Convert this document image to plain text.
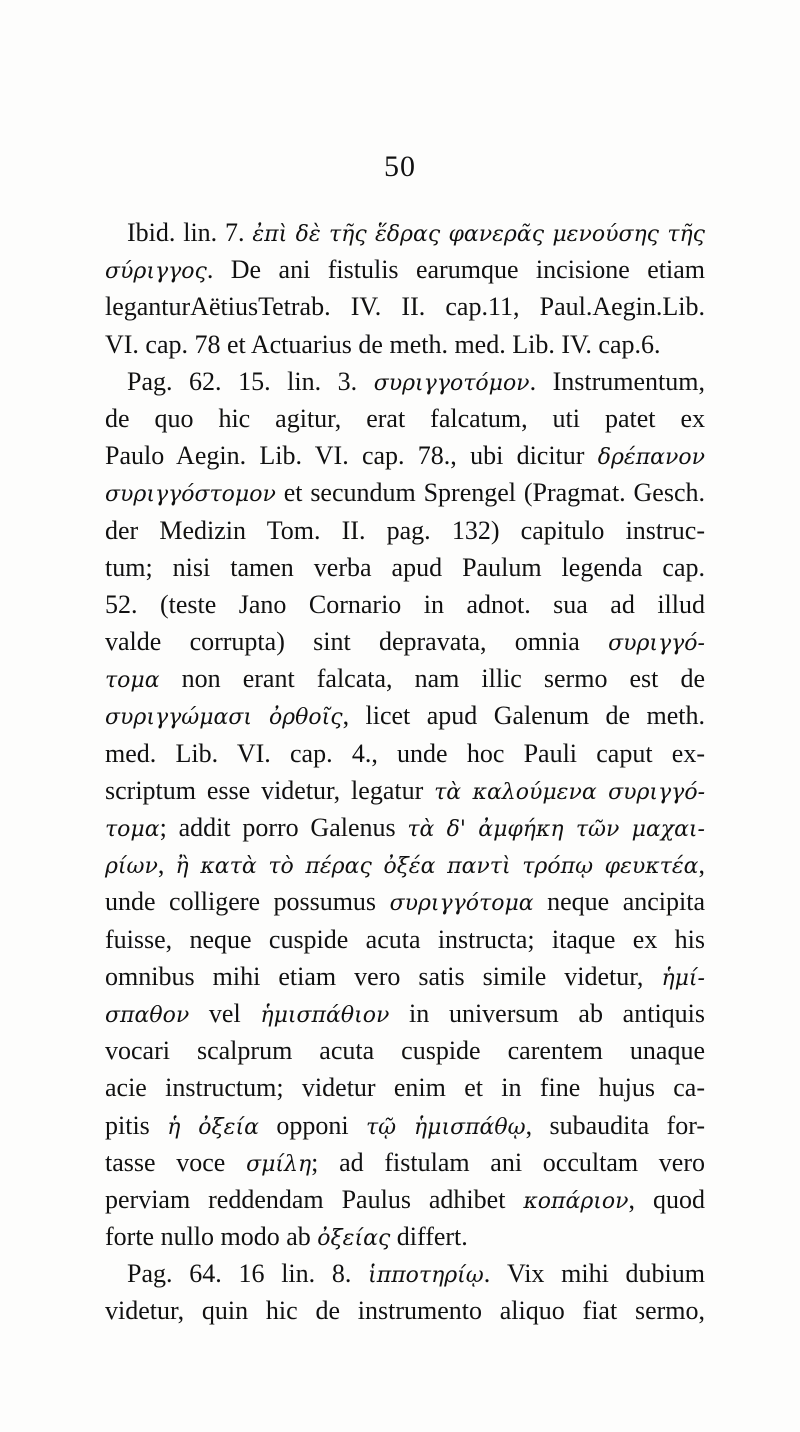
50
Ibid. lin. 7. ἐπὶ δὲ τῆς ἕδρας φανερᾶς μενούσης τῆς
σύριγγος. De ani fistulis earumque incisione etiam
leganturAëtiusTetrab. IV. II. cap.11, Paul.Aegin.Lib.
VI. cap. 78 et Actuarius de meth. med. Lib. IV. cap.6.
Pag. 62. 15. lin. 3. συριγγοτόμον. Instrumentum,
de quo hic agitur, erat falcatum, uti patet ex
Paulo Aegin. Lib. VI. cap. 78., ubi dicitur δρέπανον
συριγγόστομον et secundum Sprengel (Pragmat. Gesch.
der Medizin Tom. II. pag. 132) capitulo instruc-
tum; nisi tamen verba apud Paulum legenda cap.
52. (teste Jano Cornario in adnot. sua ad illud
valde corrupta) sint depravata, omnia συριγγό-
τομα non erant falcata, nam illic sermo est de
συριγγώμασι ὀρθοῖς, licet apud Galenum de meth.
med. Lib. VI. cap. 4., unde hoc Pauli caput ex-
scriptum esse videtur, legatur τὰ καλούμενα συριγγό-
τομα; addit porro Galenus τὰ δ' ἀμφήκη τῶν μαχαι-
ρίων, ἢ κατὰ τὸ πέρας ὀξέα παντὶ τρόπῳ φευκτέα,
unde colligere possumus συριγγότομα neque ancipita
fuisse, neque cuspide acuta instructa; itaque ex his
omnibus mihi etiam vero satis simile videtur, ἡμί-
σπαθον vel ἡμισπάθιον in universum ab antiquis
vocari scalprum acuta cuspide carentem unaque
acie instructum; videtur enim et in fine hujus ca-
pitis ἡ ὀξεία opponi τῷ ἡμισπάθῳ, subaudita for-
tasse voce σμίλη; ad fistulam ani occultam vero
perviam reddendam Paulus adhibet κοπάριον, quod
forte nullo modo ab ὀξείας differt.
Pag. 64. 16 lin. 8. ἱπποτηρίῳ. Vix mihi dubium
videtur, quin hic de instrumento aliquo fiat sermo,
